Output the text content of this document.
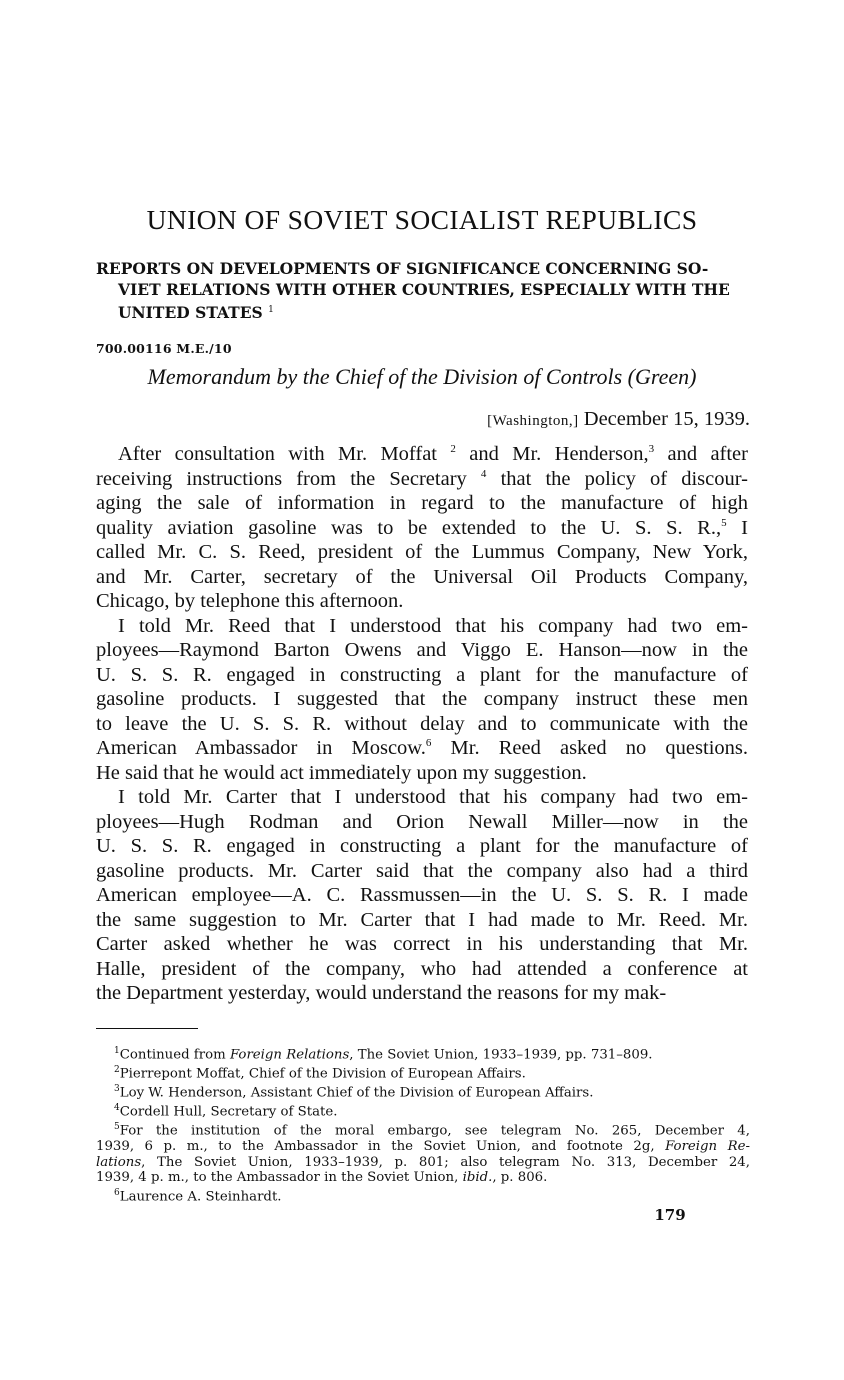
UNION OF SOVIET SOCIALIST REPUBLICS
REPORTS ON DEVELOPMENTS OF SIGNIFICANCE CONCERNING SO-
VIET RELATIONS WITH OTHER COUNTRIES, ESPECIALLY WITH THE
UNITED STATES $^1$
700.00116 M.E./10
Memorandum by the Chief of the Division of Controls (Green)
[Washington,] December 15, 1939.
After consultation with Mr. Moffat $^2$ and Mr. Henderson,$^3$ and after
receiving instructions from the Secretary $^4$ that the policy of discour-
aging the sale of information in regard to the manufacture of high
quality aviation gasoline was to be extended to the U. S. S. R.,$^5$ I
called Mr. C. S. Reed, president of the Lummus Company, New York,
and Mr. Carter, secretary of the Universal Oil Products Company,
Chicago, by telephone this afternoon.
I told Mr. Reed that I understood that his company had two em-
ployees—Raymond Barton Owens and Viggo E. Hanson—now in the
U. S. S. R. engaged in constructing a plant for the manufacture of
gasoline products. I suggested that the company instruct these men
to leave the U. S. S. R. without delay and to communicate with the
American Ambassador in Moscow.$^6$ Mr. Reed asked no questions.
He said that he would act immediately upon my suggestion.
I told Mr. Carter that I understood that his company had two em-
ployees—Hugh Rodman and Orion Newall Miller—now in the
U. S. S. R. engaged in constructing a plant for the manufacture of
gasoline products. Mr. Carter said that the company also had a third
American employee—A. C. Rassmussen—in the U. S. S. R. I made
the same suggestion to Mr. Carter that I had made to Mr. Reed. Mr.
Carter asked whether he was correct in his understanding that Mr.
Halle, president of the company, who had attended a conference at
the Department yesterday, would understand the reasons for my mak-
$^1$Continued from Foreign Relations, The Soviet Union, 1933–1939, pp. 731–809.
$^2$Pierrepont Moffat, Chief of the Division of European Affairs.
$^3$Loy W. Henderson, Assistant Chief of the Division of European Affairs.
$^4$Cordell Hull, Secretary of State.
$^5$For the institution of the moral embargo, see telegram No. 265, December 4,
1939, 6 p. m., to the Ambassador in the Soviet Union, and footnote 2g, Foreign Re-
lations, The Soviet Union, 1933–1939, p. 801; also telegram No. 313, December 24,
1939, 4 p. m., to the Ambassador in the Soviet Union, ibid., p. 806.
$^6$Laurence A. Steinhardt.
179
